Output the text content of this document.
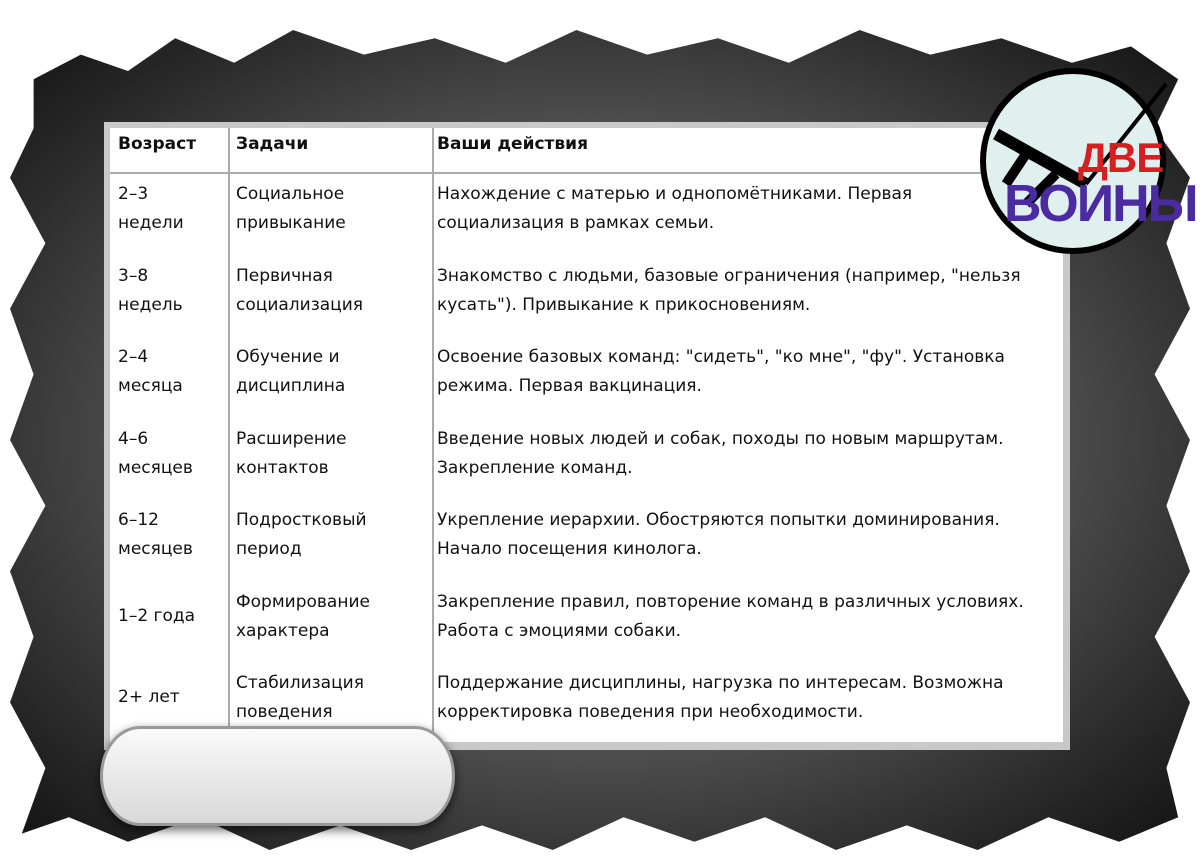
Возраст Задачи	Ваши действия
2–3
недели
Социальное
привыкание
Нахождение с матерью и однопомётниками. Первая
социализация в рамках семьи.
3–8
недель
Первичная
социализация
Знакомство с людьми, базовые ограничения (например, "нельзя
кусать"). Привыкание к прикосновениям.
2–4
месяца
Обучение и
дисциплина
Освоение базовых команд: "сидеть", "ко мне", "фу". Установка
режима. Первая вакцинация.
4–6
месяцев
Расширение
контактов
Введение новых людей и собак, походы по новым маршрутам.
Закрепление команд.
6–12
месяцев
Подростковый
период
Укрепление иерархии. Обостряются попытки доминирования.
Начало посещения кинолога.
1–2 года
Формирование
характера
Закрепление правил, повторение команд в различных условиях.
Работа с эмоциями собаки.
2+ лет
Стабилизация
поведения
Поддержание дисциплины, нагрузка по интересам. Возможна
корректировка поведения при необходимости.
ДВЕ
ВОИНЫ
